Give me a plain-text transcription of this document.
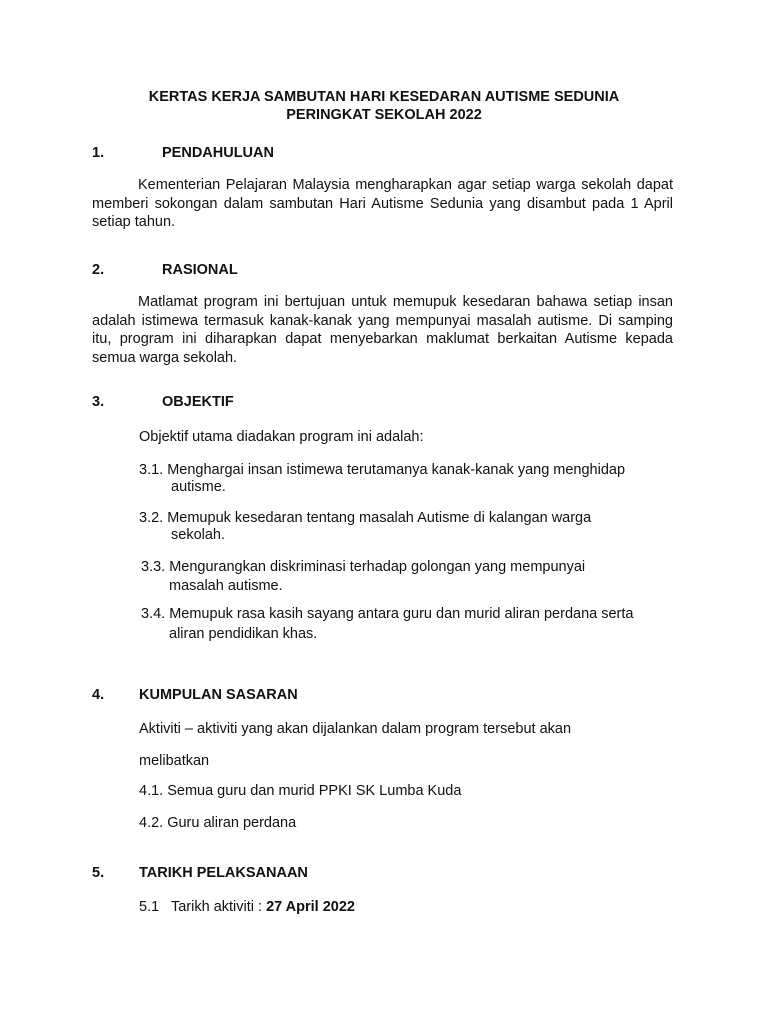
KERTAS KERJA SAMBUTAN HARI KESEDARAN AUTISME SEDUNIA
PERINGKAT SEKOLAH 2022
1.	PENDAHULUAN
Kementerian Pelajaran Malaysia mengharapkan agar setiap warga sekolah dapat memberi sokongan dalam sambutan Hari Autisme Sedunia yang disambut pada 1 April setiap tahun.
2.	RASIONAL
Matlamat program ini bertujuan untuk memupuk kesedaran bahawa setiap insan adalah istimewa termasuk kanak-kanak yang mempunyai masalah autisme. Di samping itu, program ini diharapkan dapat menyebarkan maklumat berkaitan Autisme kepada semua warga sekolah.
3.	OBJEKTIF
Objektif utama diadakan program ini adalah:
3.1. Menghargai insan istimewa terutamanya kanak-kanak yang menghidap
autisme.
3.2. Memupuk kesedaran tentang masalah Autisme di kalangan warga
sekolah.
3.3. Mengurangkan diskriminasi terhadap golongan yang mempunyai
masalah autisme.
3.4. Memupuk rasa kasih sayang antara guru dan murid aliran perdana serta
aliran pendidikan khas.
4. KUMPULAN SASARAN
Aktiviti – aktiviti yang akan dijalankan dalam program tersebut akan
melibatkan
4.1. Semua guru dan murid PPKI SK Lumba Kuda
4.2. Guru aliran perdana
5. TARIKH PELAKSANAAN
5.1   Tarikh aktiviti : 27 April 2022
